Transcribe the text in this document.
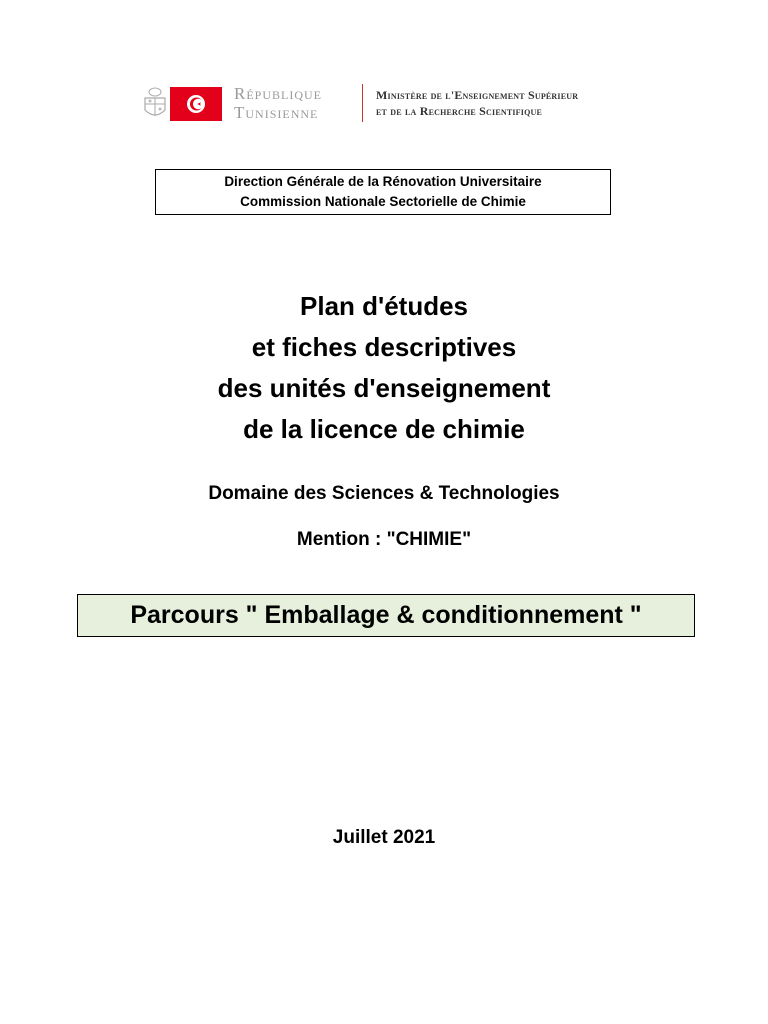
République
Tunisienne
Ministère de l'Enseignement Supérieur
et de la Recherche Scientifique
Direction Générale de la Rénovation Universitaire
Commission Nationale Sectorielle de Chimie
Plan d'études
et fiches descriptives
des unités d'enseignement
de la licence de chimie
Domaine des Sciences & Technologies
Mention : "CHIMIE"
Parcours " Emballage & conditionnement "
Juillet 2021
